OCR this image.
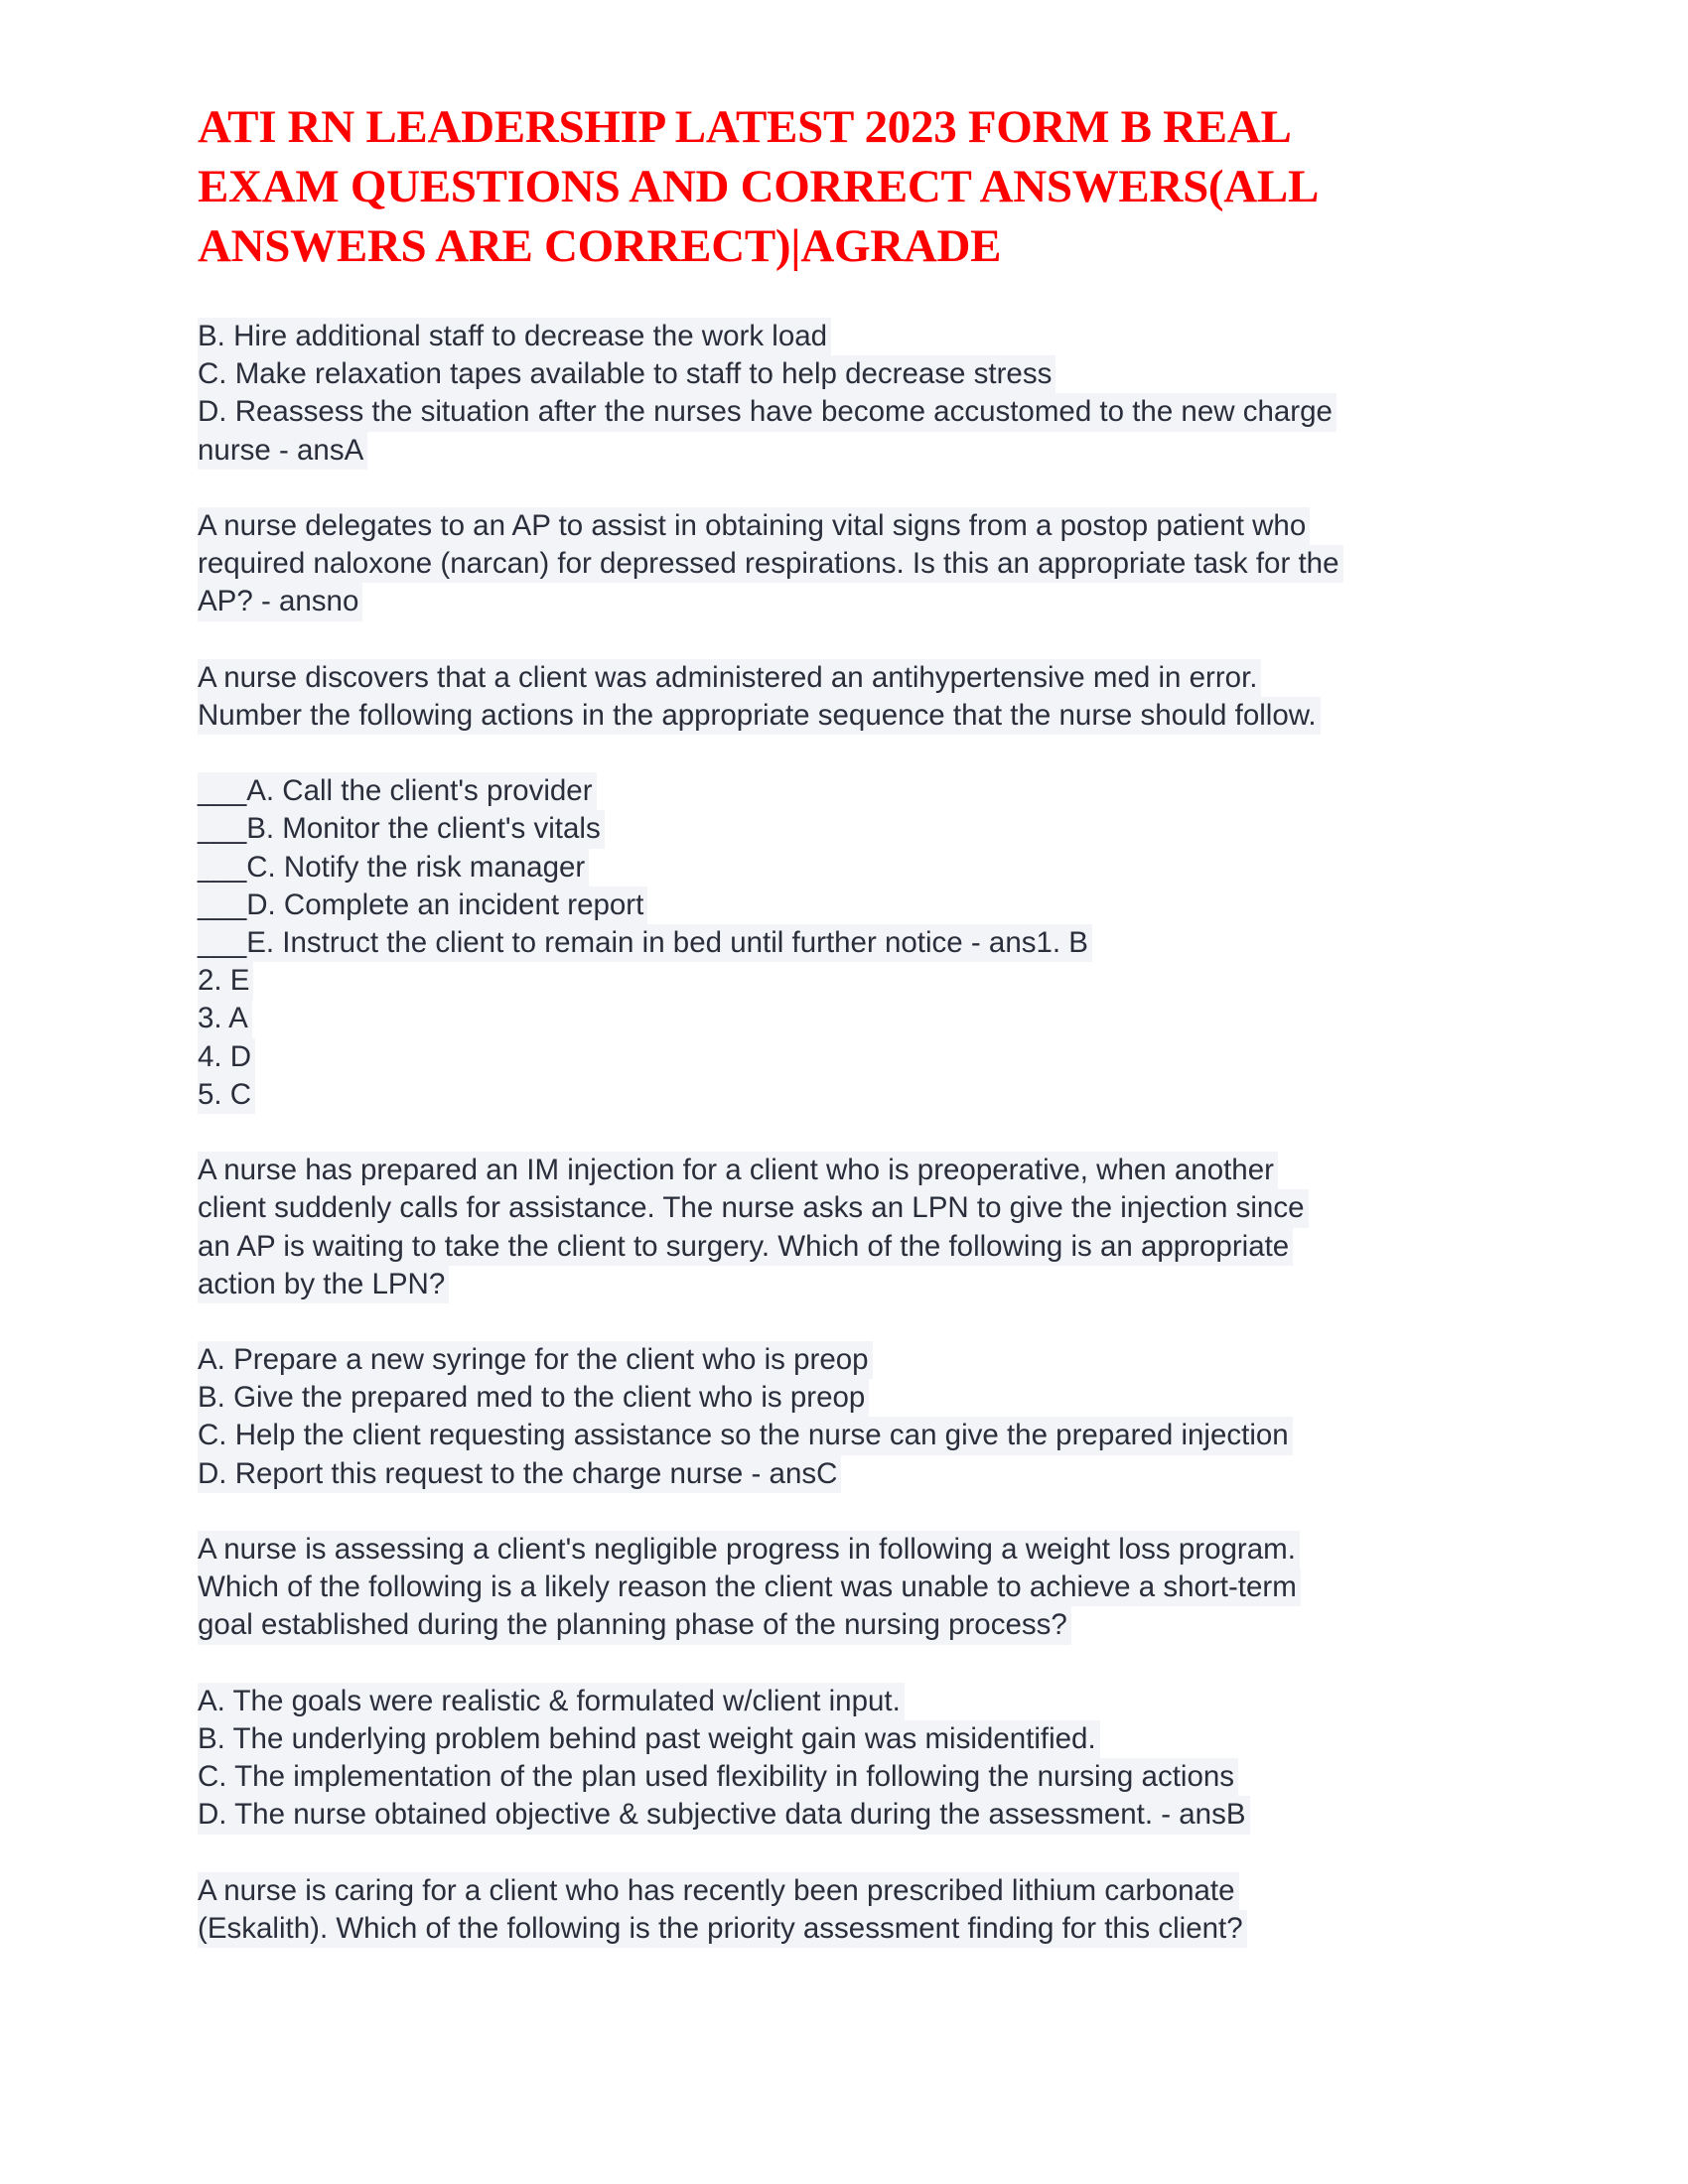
ATI RN LEADERSHIP LATEST 2023 FORM B REAL
EXAM QUESTIONS AND CORRECT ANSWERS(ALL
ANSWERS ARE CORRECT)|AGRADE
B. Hire additional staff to decrease the work load
C. Make relaxation tapes available to staff to help decrease stress
D. Reassess the situation after the nurses have become accustomed to the new charge
nurse - ansA
A nurse delegates to an AP to assist in obtaining vital signs from a postop patient who
required naloxone (narcan) for depressed respirations. Is this an appropriate task for the
AP? - ansno
A nurse discovers that a client was administered an antihypertensive med in error.
Number the following actions in the appropriate sequence that the nurse should follow.
___A. Call the client's provider
___B. Monitor the client's vitals
___C. Notify the risk manager
___D. Complete an incident report
___E. Instruct the client to remain in bed until further notice - ans1. B
2. E
3. A
4. D
5. C
A nurse has prepared an IM injection for a client who is preoperative, when another
client suddenly calls for assistance. The nurse asks an LPN to give the injection since
an AP is waiting to take the client to surgery. Which of the following is an appropriate
action by the LPN?
A. Prepare a new syringe for the client who is preop
B. Give the prepared med to the client who is preop
C. Help the client requesting assistance so the nurse can give the prepared injection
D. Report this request to the charge nurse - ansC
A nurse is assessing a client's negligible progress in following a weight loss program.
Which of the following is a likely reason the client was unable to achieve a short-term
goal established during the planning phase of the nursing process?
A. The goals were realistic & formulated w/client input.
B. The underlying problem behind past weight gain was misidentified.
C. The implementation of the plan used flexibility in following the nursing actions
D. The nurse obtained objective & subjective data during the assessment. - ansB
A nurse is caring for a client who has recently been prescribed lithium carbonate
(Eskalith). Which of the following is the priority assessment finding for this client?
